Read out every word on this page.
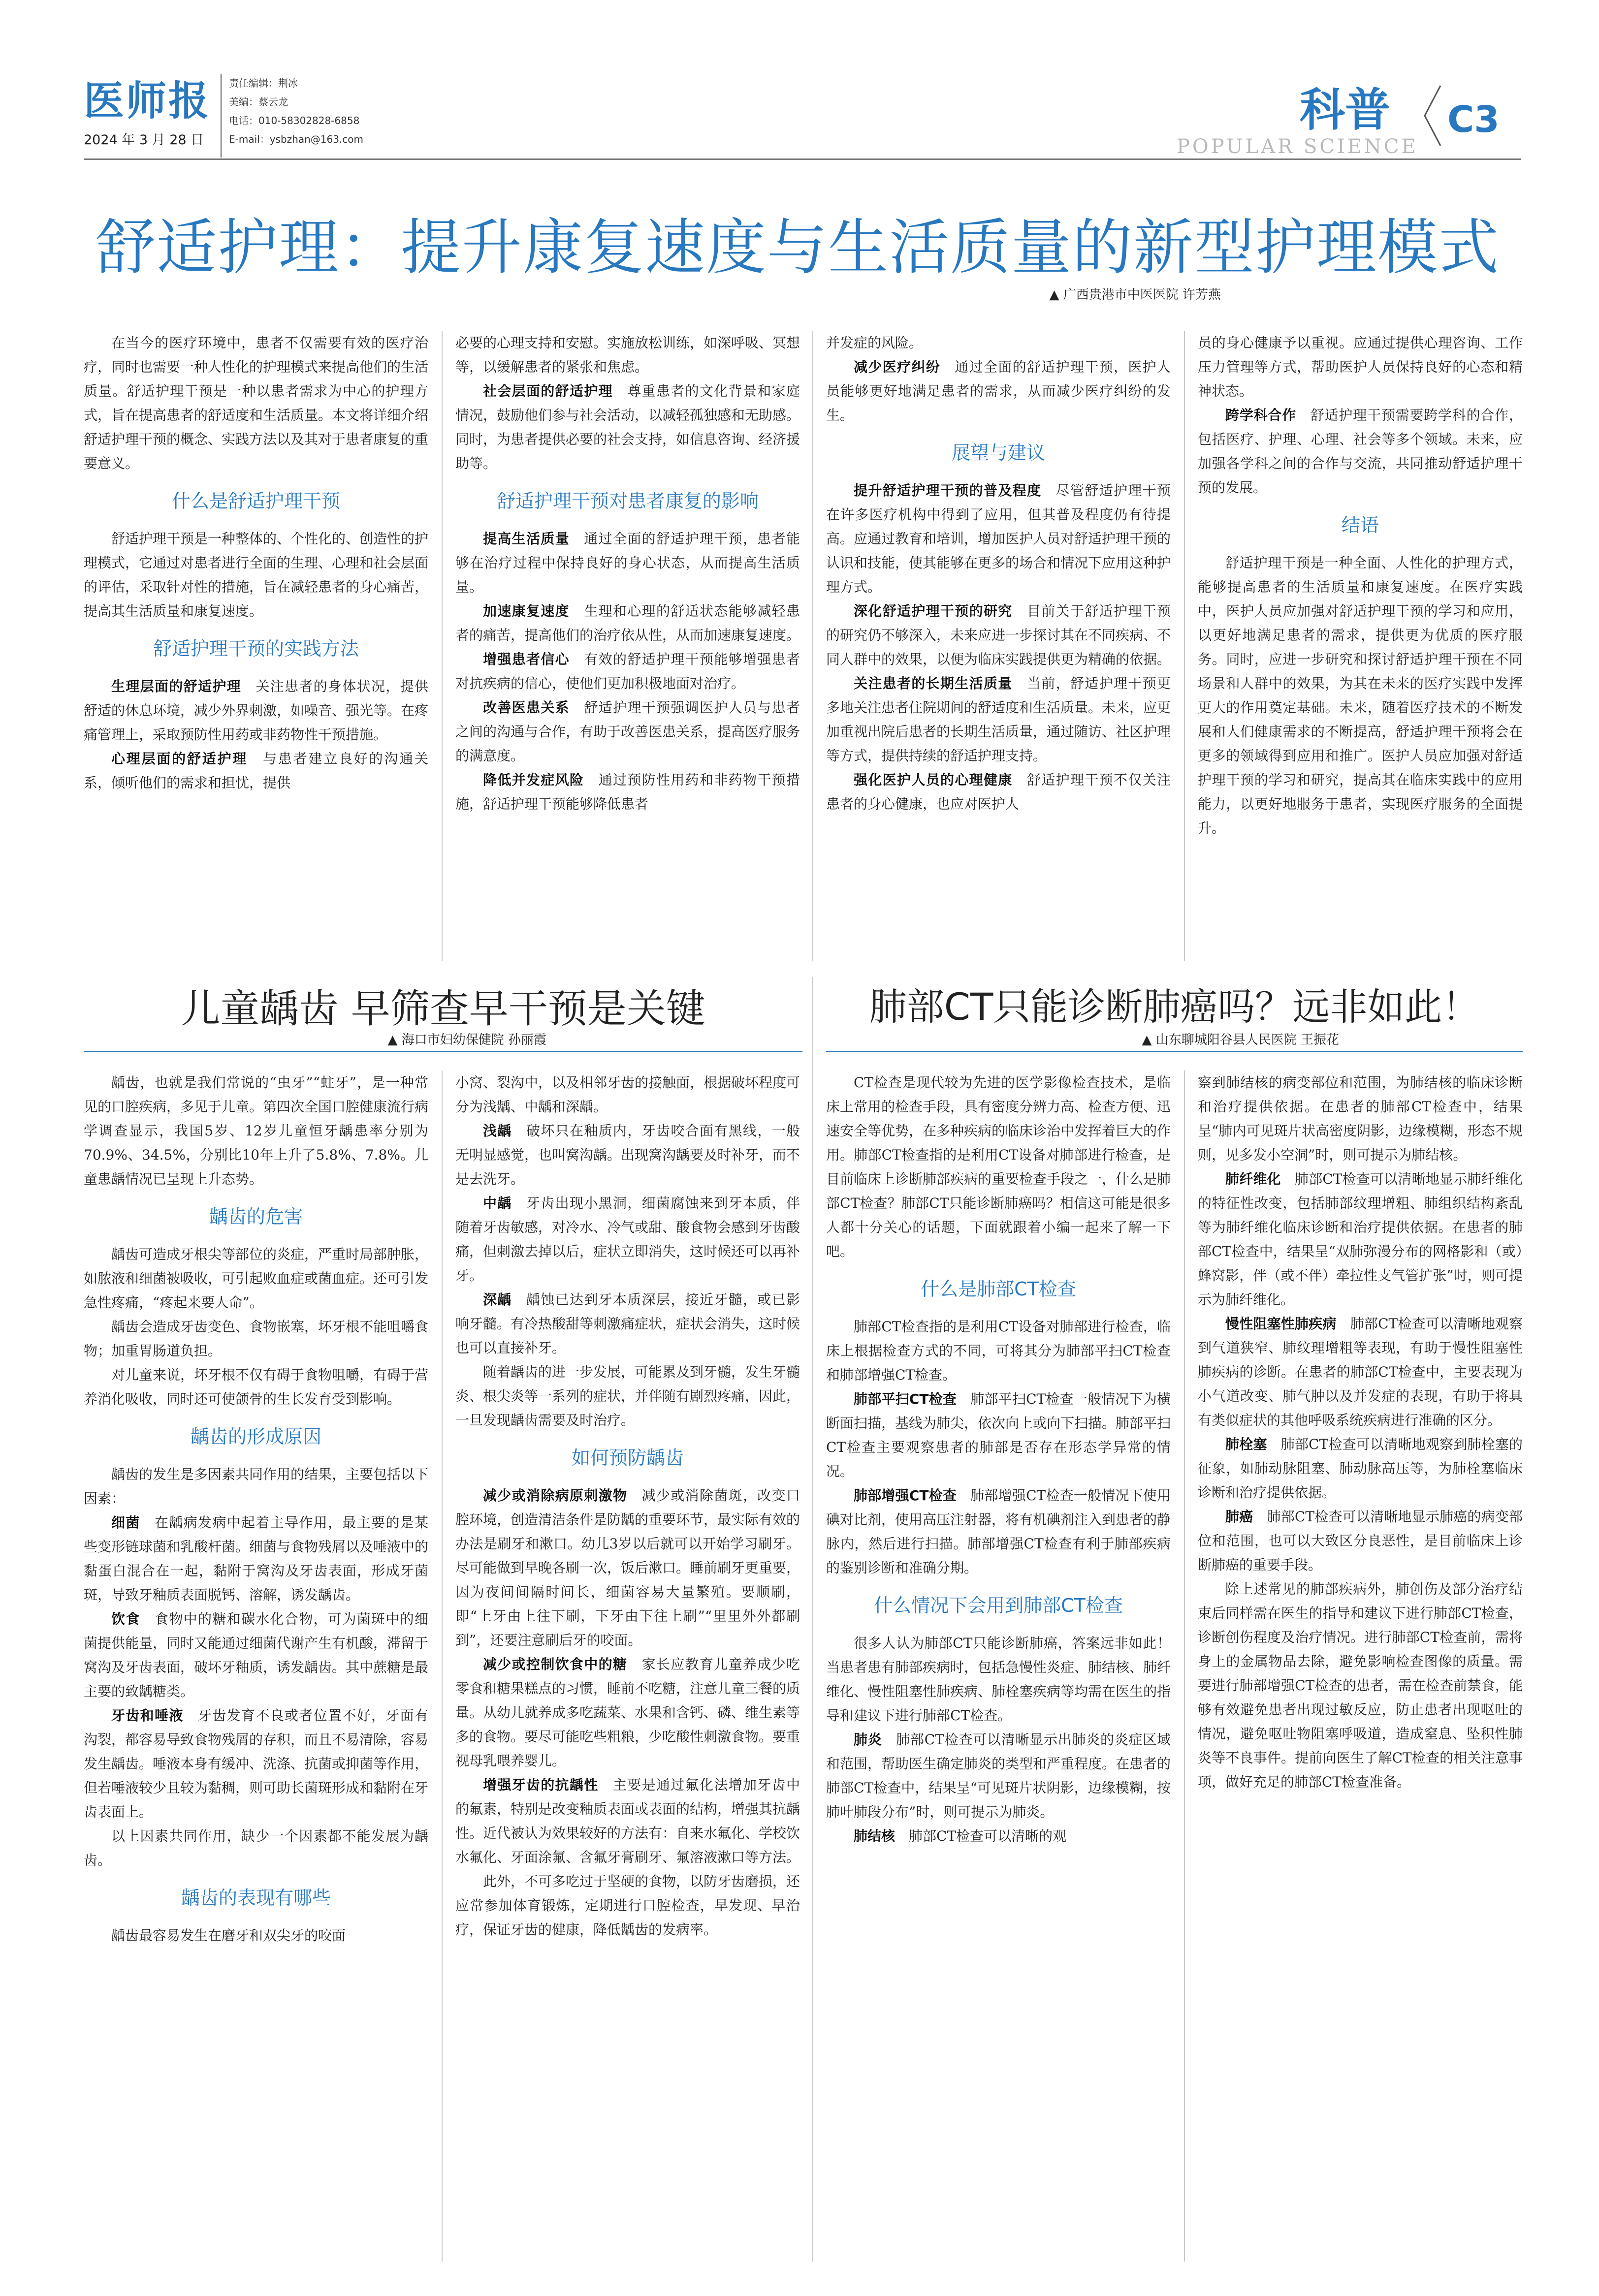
医师报
2024 年 3 月 28 日
责任编辑：荆冰
美编：蔡云龙
电话：010-58302828-6858
E-mail：ysbzhan@163.com
科普
POPULAR SCIENCE
C3
舒适护理：提升康复速度与生活质量的新型护理模式
▲ 广西贵港市中医医院 许芳燕

在当今的医疗环境中，患者不仅需要有效的医疗治疗，同时也需要一种人性化的护理模式来提高他们的生活质量。舒适护理干预是一种以患者需求为中心的护理方式，旨在提高患者的舒适度和生活质量。本文将详细介绍舒适护理干预的概念、实践方法以及其对于患者康复的重要意义。

什么是舒适护理干预

舒适护理干预是一种整体的、个性化的、创造性的护理模式，它通过对患者进行全面的生理、心理和社会层面的评估，采取针对性的措施，旨在减轻患者的身心痛苦，提高其生活质量和康复速度。

舒适护理干预的实践方法

生理层面的舒适护理　 关注患者的身体状况，提供舒适的休息环境，减少外界刺激，如噪音、强光等。在疼痛管理上，采取预防性用药或非药物性干预措施。

心理层面的舒适护理　 与患者建立良好的沟通关系，倾听他们的需求和担忧，提供

必要的心理支持和安慰。实施放松训练，如深呼吸、冥想等，以缓解患者的紧张和焦虑。

社会层面的舒适护理　 尊重患者的文化背景和家庭情况，鼓励他们参与社会活动，以减轻孤独感和无助感。同时，为患者提供必要的社会支持，如信息咨询、经济援助等。

舒适护理干预对患者康复的影响

提高生活质量　 通过全面的舒适护理干预，患者能够在治疗过程中保持良好的身心状态，从而提高生活质量。

加速康复速度　 生理和心理的舒适状态能够减轻患者的痛苦，提高他们的治疗依从性，从而加速康复速度。

增强患者信心　 有效的舒适护理干预能够增强患者对抗疾病的信心，使他们更加积极地面对治疗。

改善医患关系　 舒适护理干预强调医护人员与患者之间的沟通与合作，有助于改善医患关系，提高医疗服务的满意度。

降低并发症风险　 通过预防性用药和非药物干预措施，舒适护理干预能够降低患者

并发症的风险。

减少医疗纠纷　 通过全面的舒适护理干预，医护人员能够更好地满足患者的需求，从而减少医疗纠纷的发生。

展望与建议

提升舒适护理干预的普及程度　 尽管舒适护理干预在许多医疗机构中得到了应用，但其普及程度仍有待提高。应通过教育和培训，增加医护人员对舒适护理干预的认识和技能，使其能够在更多的场合和情况下应用这种护理方式。

深化舒适护理干预的研究　 目前关于舒适护理干预的研究仍不够深入，未来应进一步探讨其在不同疾病、不同人群中的效果，以便为临床实践提供更为精确的依据。

关注患者的长期生活质量　 当前，舒适护理干预更多地关注患者住院期间的舒适度和生活质量。未来，应更加重视出院后患者的长期生活质量，通过随访、社区护理等方式，提供持续的舒适护理支持。

强化医护人员的心理健康　 舒适护理干预不仅关注患者的身心健康，也应对医护人

员的身心健康予以重视。应通过提供心理咨询、工作压力管理等方式，帮助医护人员保持良好的心态和精神状态。

跨学科合作　 舒适护理干预需要跨学科的合作，包括医疗、护理、心理、社会等多个领域。未来，应加强各学科之间的合作与交流，共同推动舒适护理干预的发展。

结语

舒适护理干预是一种全面、人性化的护理方式，能够提高患者的生活质量和康复速度。在医疗实践中，医护人员应加强对舒适护理干预的学习和应用，以更好地满足患者的需求，提供更为优质的医疗服务。同时，应进一步研究和探讨舒适护理干预在不同场景和人群中的效果，为其在未来的医疗实践中发挥更大的作用奠定基础。未来，随着医疗技术的不断发展和人们健康需求的不断提高，舒适护理干预将会在更多的领域得到应用和推广。医护人员应加强对舒适护理干预的学习和研究，提高其在临床实践中的应用能力，以更好地服务于患者，实现医疗服务的全面提升。

儿童龋齿 早筛查早干预是关键
▲ 海口市妇幼保健院 孙丽霞

龋齿，也就是我们常说的“虫牙”“蛀牙”，是一种常见的口腔疾病，多见于儿童。第四次全国口腔健康流行病学调查显示，我国5岁、12岁儿童恒牙龋患率分别为70.9%、34.5%，分别比10年上升了5.8%、7.8%。儿童患龋情况已呈现上升态势。

龋齿的危害

龋齿可造成牙根尖等部位的炎症，严重时局部肿胀，如脓液和细菌被吸收，可引起败血症或菌血症。还可引发急性疼痛，“疼起来要人命”。

龋齿会造成牙齿变色、食物嵌塞，坏牙根不能咀嚼食物；加重胃肠道负担。

对儿童来说，坏牙根不仅有碍于食物咀嚼，有碍于营养消化吸收，同时还可使颌骨的生长发育受到影响。

龋齿的形成原因

龋齿的发生是多因素共同作用的结果，主要包括以下因素：

细菌　 在龋病发病中起着主导作用，最主要的是某些变形链球菌和乳酸杆菌。细菌与食物残屑以及唾液中的黏蛋白混合在一起，黏附于窝沟及牙齿表面，形成牙菌斑，导致牙釉质表面脱钙、溶解，诱发龋齿。

饮食　 食物中的糖和碳水化合物，可为菌斑中的细菌提供能量，同时又能通过细菌代谢产生有机酸，滞留于窝沟及牙齿表面，破坏牙釉质，诱发龋齿。其中蔗糖是最主要的致龋糖类。

牙齿和唾液　 牙齿发育不良或者位置不好，牙面有沟裂，都容易导致食物残屑的存积，而且不易清除，容易发生龋齿。唾液本身有缓冲、洗涤、抗菌或抑菌等作用，但若唾液较少且较为黏稠，则可助长菌斑形成和黏附在牙齿表面上。

以上因素共同作用，缺少一个因素都不能发展为龋齿。

龋齿的表现有哪些

龋齿最容易发生在磨牙和双尖牙的咬面

小窝、裂沟中，以及相邻牙齿的接触面，根据破坏程度可分为浅龋、中龋和深龋。

浅龋　 破坏只在釉质内，牙齿咬合面有黑线，一般无明显感觉，也叫窝沟龋。出现窝沟龋要及时补牙，而不是去洗牙。

中龋　 牙齿出现小黑洞，细菌腐蚀来到牙本质，伴随着牙齿敏感，对冷水、冷气或甜、酸食物会感到牙齿酸痛，但刺激去掉以后，症状立即消失，这时候还可以再补牙。

深龋　 龋蚀已达到牙本质深层，接近牙髓，或已影响牙髓。有冷热酸甜等刺激痛症状，症状会消失，这时候也可以直接补牙。

随着龋齿的进一步发展，可能累及到牙髓，发生牙髓炎、根尖炎等一系列的症状，并伴随有剧烈疼痛，因此，一旦发现龋齿需要及时治疗。

如何预防龋齿

减少或消除病原刺激物　 减少或消除菌斑，改变口腔环境，创造清洁条件是防龋的重要环节，最实际有效的办法是刷牙和漱口。幼儿3岁以后就可以开始学习刷牙。尽可能做到早晚各刷一次，饭后漱口。睡前刷牙更重要，因为夜间间隔时间长，细菌容易大量繁殖。要顺刷，即“上牙由上往下刷，下牙由下往上刷”“里里外外都刷到”，还要注意刷后牙的咬面。

减少或控制饮食中的糖　 家长应教育儿童养成少吃零食和糖果糕点的习惯，睡前不吃糖，注意儿童三餐的质量。从幼儿就养成多吃蔬菜、水果和含钙、磷、维生素等多的食物。要尽可能吃些粗粮，少吃酸性刺激食物。要重视母乳喂养婴儿。

增强牙齿的抗龋性　 主要是通过氟化法增加牙齿中的氟素，特别是改变釉质表面或表面的结构，增强其抗龋性。近代被认为效果较好的方法有：自来水氟化、学校饮水氟化、牙面涂氟、含氟牙膏刷牙、氟溶液漱口等方法。

此外，不可多吃过于坚硬的食物，以防牙齿磨损，还应常参加体育锻炼，定期进行口腔检查，早发现、早治疗，保证牙齿的健康，降低龋齿的发病率。

肺部CT只能诊断肺癌吗？远非如此！
▲ 山东聊城阳谷县人民医院 王振花

CT检查是现代较为先进的医学影像检查技术，是临床上常用的检查手段，具有密度分辨力高、检查方便、迅速安全等优势，在多种疾病的临床诊治中发挥着巨大的作用。肺部CT检查指的是利用CT设备对肺部进行检查，是目前临床上诊断肺部疾病的重要检查手段之一，什么是肺部CT检查？肺部CT只能诊断肺癌吗？相信这可能是很多人都十分关心的话题，下面就跟着小编一起来了解一下吧。

什么是肺部CT检查

肺部CT检查指的是利用CT设备对肺部进行检查，临床上根据检查方式的不同，可将其分为肺部平扫CT检查和肺部增强CT检查。

肺部平扫CT检查　 肺部平扫CT检查一般情况下为横断面扫描，基线为肺尖，依次向上或向下扫描。肺部平扫CT检查主要观察患者的肺部是否存在形态学异常的情况。

肺部增强CT检查　 肺部增强CT检查一般情况下使用碘对比剂，使用高压注射器，将有机碘剂注入到患者的静脉内，然后进行扫描。肺部增强CT检查有利于肺部疾病的鉴别诊断和准确分期。

什么情况下会用到肺部CT检查

很多人认为肺部CT只能诊断肺癌，答案远非如此！当患者患有肺部疾病时，包括急慢性炎症、肺结核、肺纤维化、慢性阻塞性肺疾病、肺栓塞疾病等均需在医生的指导和建议下进行肺部CT检查。

肺炎　 肺部CT检查可以清晰显示出肺炎的炎症区域和范围，帮助医生确定肺炎的类型和严重程度。在患者的肺部CT检查中，结果呈“可见斑片状阴影，边缘模糊，按肺叶肺段分布”时，则可提示为肺炎。

肺结核　 肺部CT检查可以清晰的观

察到肺结核的病变部位和范围，为肺结核的临床诊断和治疗提供依据。在患者的肺部CT检查中，结果呈“肺内可见斑片状高密度阴影，边缘模糊，形态不规则，见多发小空洞”时，则可提示为肺结核。

肺纤维化　 肺部CT检查可以清晰地显示肺纤维化的特征性改变，包括肺部纹理增粗、肺组织结构紊乱等为肺纤维化临床诊断和治疗提供依据。在患者的肺部CT检查中，结果呈“双肺弥漫分布的网格影和（或）蜂窝影，伴（或不伴）牵拉性支气管扩张”时，则可提示为肺纤维化。

慢性阻塞性肺疾病　 肺部CT检查可以清晰地观察到气道狭窄、肺纹理增粗等表现，有助于慢性阻塞性肺疾病的诊断。在患者的肺部CT检查中，主要表现为小气道改变、肺气肿以及并发症的表现，有助于将具有类似症状的其他呼吸系统疾病进行准确的区分。

肺栓塞　 肺部CT检查可以清晰地观察到肺栓塞的征象，如肺动脉阻塞、肺动脉高压等，为肺栓塞临床诊断和治疗提供依据。

肺癌　 肺部CT检查可以清晰地显示肺癌的病变部位和范围，也可以大致区分良恶性，是目前临床上诊断肺癌的重要手段。

除上述常见的肺部疾病外，肺创伤及部分治疗结束后同样需在医生的指导和建议下进行肺部CT检查，诊断创伤程度及治疗情况。进行肺部CT检查前，需将身上的金属物品去除，避免影响检查图像的质量。需要进行肺部增强CT检查的患者，需在检查前禁食，能够有效避免患者出现过敏反应，防止患者出现呕吐的情况，避免呕吐物阻塞呼吸道，造成窒息、坠积性肺炎等不良事件。提前向医生了解CT检查的相关注意事项，做好充足的肺部CT检查准备。
